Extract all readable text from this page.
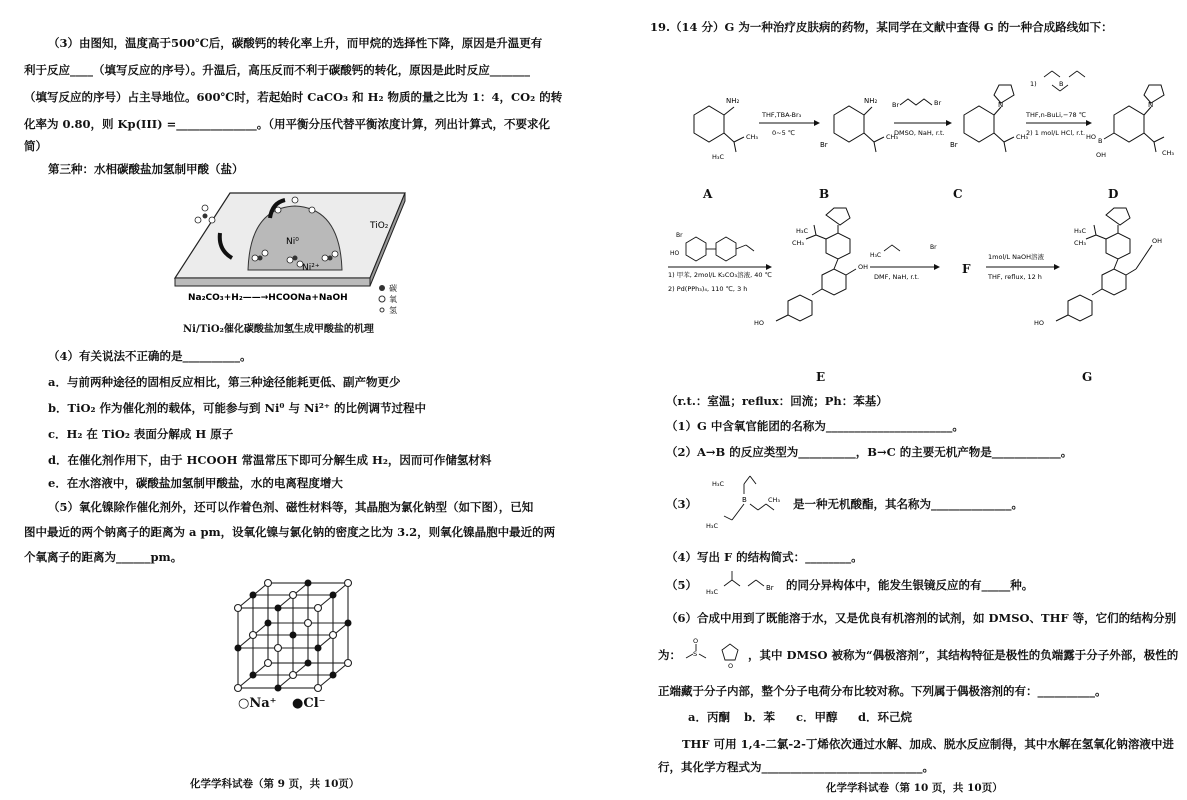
（3）由图知，温度高于500℃后，碳酸钙的转化率上升，而甲烷的选择性下降，原因是升温更有
利于反应____（填写反应的序号）。升温后，高压反而不利于碳酸钙的转化，原因是此时反应_______
（填写反应的序号）占主导地位。600℃时，若起始时 CaCO₃ 和 H₂ 物质的量之比为 1：4，CO₂ 的转
化率为 0.80，则 Kp(III) =______________。（用平衡分压代替平衡浓度计算，列出计算式，不要求化
简）
第三种：水相碳酸盐加氢制甲酸（盐）
Ni⁰
Ni²⁺
TiO₂
Na₂CO₃+H₂——→HCOONa+NaOH
碳
氧
氢
Ni/TiO₂催化碳酸盐加氢生成甲酸盐的机理
（4）有关说法不正确的是__________。
a．与前两种途径的固相反应相比，第三种途径能耗更低、副产物更少
b．TiO₂ 作为催化剂的载体，可能参与到 Ni⁰ 与 Ni²⁺ 的比例调节过程中
c．H₂ 在 TiO₂ 表面分解成 H 原子
d．在催化剂作用下，由于 HCOOH 常温常压下即可分解生成 H₂，因而可作储氢材料
e．在水溶液中，碳酸盐加氢制甲酸盐，水的电离程度增大
（5）氧化镍除作催化剂外，还可以作着色剂、磁性材料等，其晶胞为氯化钠型（如下图），已知
图中最近的两个钠离子的距离为 a pm，设氧化镍与氯化钠的密度之比为 3.2，则氧化镍晶胞中最近的两
个氧离子的距离为______pm。
○Na⁺ ●Cl⁻
化学学科试卷（第 9 页，共 10页）
19.（14 分）G 为一种治疗皮肤病的药物，某同学在文献中查得 G 的一种合成路线如下：
NH₂
H₃C
CH₃
THF,TBA-Br₃
0~5 ℃
NH₂
Br
CH₃
Br	Br
DMSO, NaH, r.t.
N
Br
CH₃
1)	B
THF,n-BuLi,−78 ℃
2) 1 mol/L HCl, r.t.
N
HO B
OH	CH₃
A	B	C	D
Br
HO
1) 甲苯, 2mol/L K₂CO₃溶液, 40 ℃
2) Pd(PPh₃)₄, 110 ℃, 3 h
H₃C
CH₃
OH
HO
H₃C
Br
DMF, NaH, r.t.
1mol/L NaOH溶液
THF, reflux, 12 h
H₃C
CH₃	OH
HO
F
E	G
（r.t.：室温；reflux：回流；Ph：苯基）
（1）G 中含氧官能团的名称为______________________。
（2）A→B 的反应类型为__________，B→C 的主要无机产物是____________。
（3）
H₃C
B
H₃C
CH₃ 是一种无机酸酯，其名称为______________。
（4）写出 F 的结构简式：________。
（5） H₃C	Br 的同分异构体中，能发生银镜反应的有_____种。
（6）合成中用到了既能溶于水，又是优良有机溶剂的试剂，如 DMSO、THF 等，它们的结构分别
为： S
O
O
，其中 DMSO 被称为“偶极溶剂”，其结构特征是极性的负端露于分子外部，极性的
正端藏于分子内部，整个分子电荷分布比较对称。下列属于偶极溶剂的有：__________。
a．丙酮 b．苯 c．甲醇 d．环己烷
THF 可用 1,4-二氯-2-丁烯依次通过水解、加成、脱水反应制得，其中水解在氢氧化钠溶液中进
行，其化学方程式为____________________________。
化学学科试卷（第 10 页，共 10页）
